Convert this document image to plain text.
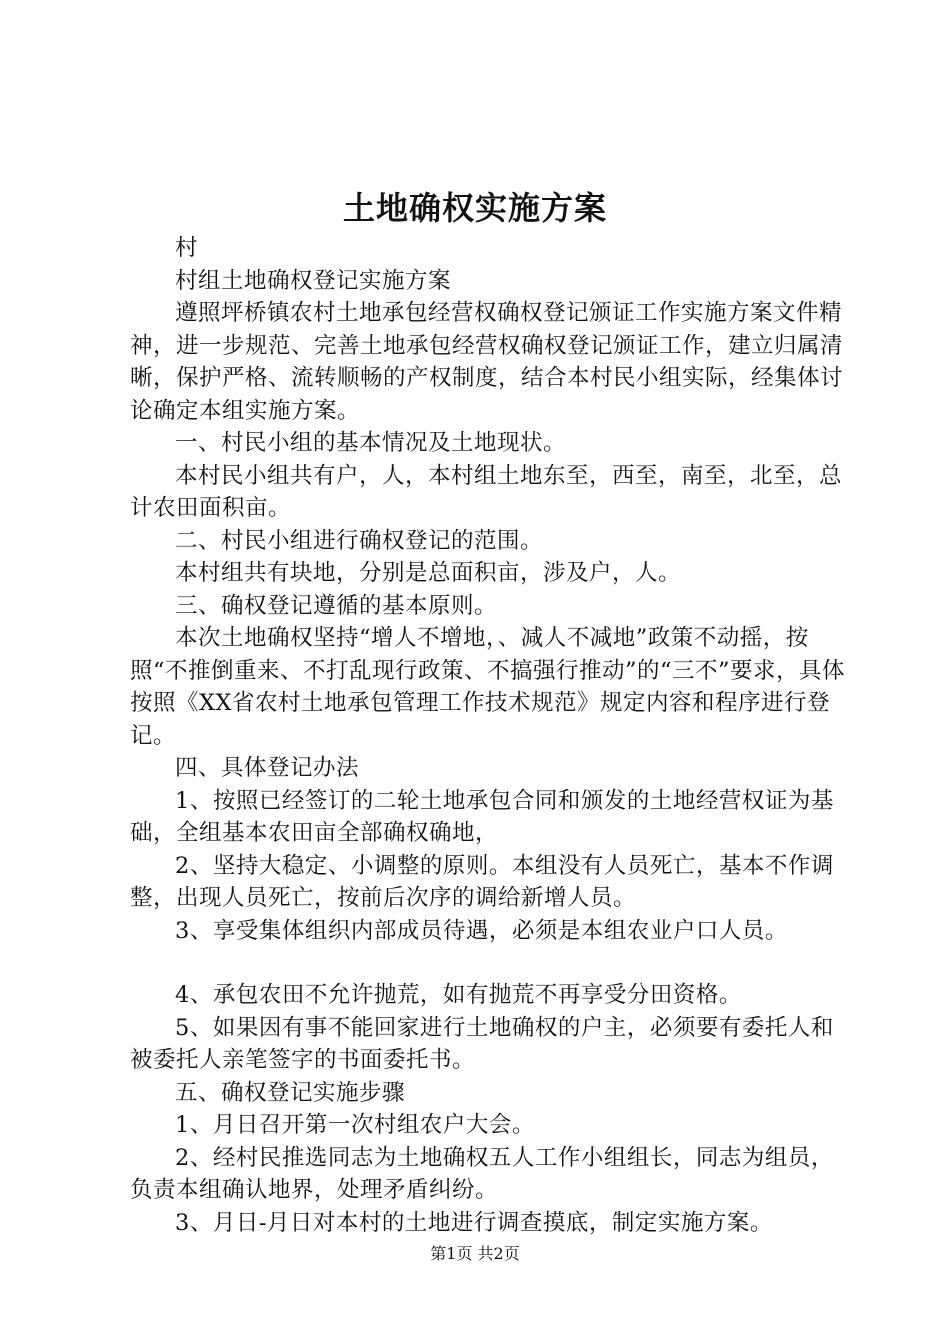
土地确权实施方案

村

村组土地确权登记实施方案

遵照坪桥镇农村土地承包经营权确权登记颁证工作实施方案文件精神，进一步规范、完善土地承包经营权确权登记颁证工作，建立归属清晰，保护严格、流转顺畅的产权制度，结合本村民小组实际，经集体讨论确定本组实施方案。

一、村民小组的基本情况及土地现状。

本村民小组共有户，人，本村组土地东至，西至，南至，北至，总计农田面积亩。

二、村民小组进行确权登记的范围。

本村组共有块地，分别是总面积亩，涉及户，人。

三、确权登记遵循的基本原则。

本次土地确权坚持“增人不增地，、减人不减地”政策不动摇，按照“不推倒重来、不打乱现行政策、不搞强行推动”的“三不”要求，具体按照《XX省农村土地承包管理工作技术规范》规定内容和程序进行登记。

四、具体登记办法

1、按照已经签订的二轮土地承包合同和颁发的土地经营权证为基础，全组基本农田亩全部确权确地，

2、坚持大稳定、小调整的原则。本组没有人员死亡，基本不作调整，出现人员死亡，按前后次序的调给新增人员。

3、享受集体组织内部成员待遇，必须是本组农业户口人员。

4、承包农田不允许抛荒，如有抛荒不再享受分田资格。

5、如果因有事不能回家进行土地确权的户主，必须要有委托人和被委托人亲笔签字的书面委托书。

五、确权登记实施步骤

1、月日召开第一次村组农户大会。

2、经村民推选同志为土地确权五人工作小组组长，同志为组员，负责本组确认地界，处理矛盾纠纷。

3、月日-月日对本村的土地进行调查摸底，制定实施方案。

第1页 共2页
